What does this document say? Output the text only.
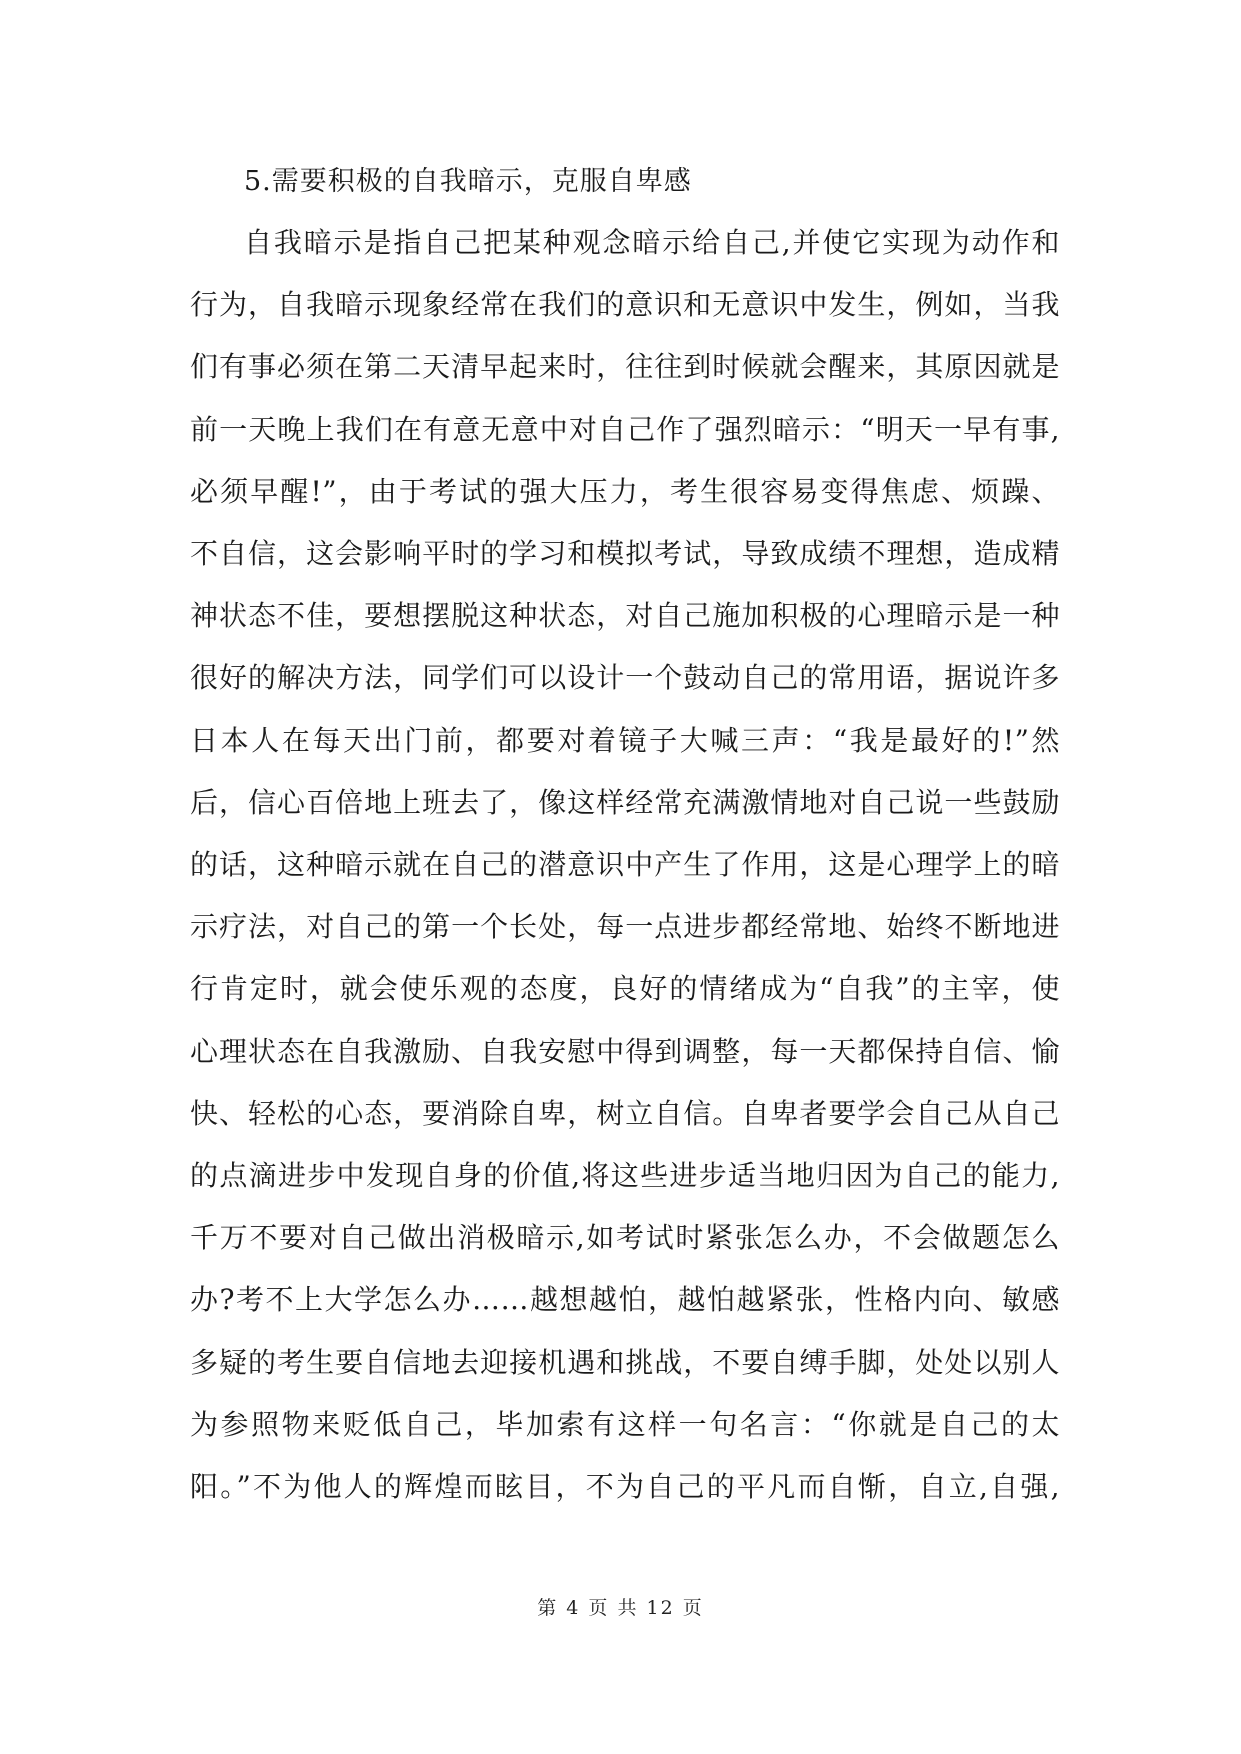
5.需要积极的自我暗示，克服自卑感

自我暗示是指自己把某种观念暗示给自己,并使它实现为动作和

行为，自我暗示现象经常在我们的意识和无意识中发生，例如，当我

们有事必须在第二天清早起来时，往往到时候就会醒来，其原因就是

前一天晚上我们在有意无意中对自己作了强烈暗示：“明天一早有事,

必须早醒!”，由于考试的强大压力，考生很容易变得焦虑、烦躁、

不自信，这会影响平时的学习和模拟考试，导致成绩不理想，造成精

神状态不佳，要想摆脱这种状态，对自己施加积极的心理暗示是一种

很好的解决方法，同学们可以设计一个鼓动自己的常用语，据说许多

日本人在每天出门前，都要对着镜子大喊三声：“我是最好的!”然

后，信心百倍地上班去了，像这样经常充满激情地对自己说一些鼓励

的话，这种暗示就在自己的潜意识中产生了作用，这是心理学上的暗

示疗法，对自己的第一个长处，每一点进步都经常地、始终不断地进

行肯定时，就会使乐观的态度，良好的情绪成为“自我”的主宰，使

心理状态在自我激励、自我安慰中得到调整，每一天都保持自信、愉

快、轻松的心态，要消除自卑，树立自信。自卑者要学会自己从自己

的点滴进步中发现自身的价值,将这些进步适当地归因为自己的能力,

千万不要对自己做出消极暗示,如考试时紧张怎么办，不会做题怎么

办?考不上大学怎么办……越想越怕，越怕越紧张，性格内向、敏感

多疑的考生要自信地去迎接机遇和挑战，不要自缚手脚，处处以别人

为参照物来贬低自己，毕加索有这样一句名言：“你就是自己的太

阳。”不为他人的辉煌而眩目，不为自己的平凡而自惭，自立,自强,

第 4 页 共 12 页
